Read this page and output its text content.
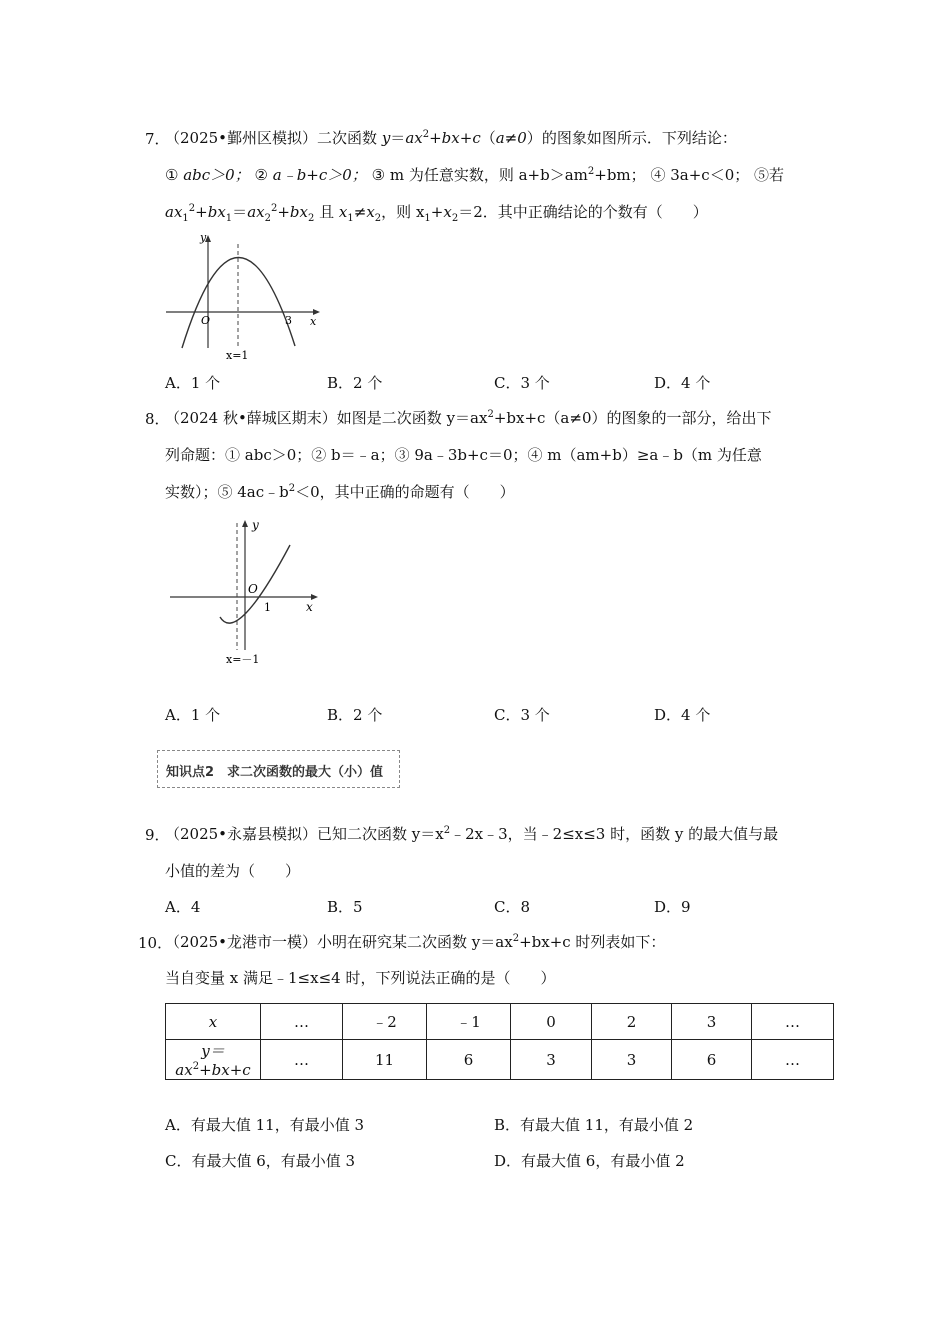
7．
（2025•鄞州区模拟）二次函数 $y=ax^2+bx+c(a\ne 0)$的图象如图所示．下列结论：
① abc＞0； ② a﹣b+c＞0； ③ m 为任意实数，则 $a+b>am^2+bm$； ④ 3a+c＜0； ⑤若
$ax_1^2+bx_1=ax_2^2+bx_2$ 且 $x_1\ne x_2$，则 $x_1+x_2=2$．其中正确结论的个数有（　　）
y
x
O	3
x=1
A．1 个	B．2 个	C．3 个	D．4 个
8．
（2024 秋•薛城区期末）如图是二次函数 $y=ax^2+bx+c(a\ne 0)$的图象的一部分，给出下
列命题：① abc＞0；② b＝﹣a；③ 9a﹣3b+c＝0；④ m（am+b）≥a﹣b（m 为任意
实数）；⑤ $4ac﹣b^2<0$，其中正确的命题有（　　）
y
x
O
1
x=－1
A．1 个	B．2 个	C．3 个	D．4 个
知识点2　求二次函数的最大（小）值
9．
（2025•永嘉县模拟）已知二次函数 $y=x^2﹣2x﹣3$，当﹣2≤x≤3 时，函数 y 的最大值与最
小值的差为（　　）
A．4	B．5	C．8	D．9
10．
（2025•龙港市一模）小明在研究某二次函数 $y=ax^2+bx+c$ 时列表如下：
当自变量 x 满足﹣1≤x≤4 时，下列说法正确的是（　　）
x	…	﹣2	﹣1	0	2	3	…
$y=ax^2+bx+c$	…	11	6	3	3	6	…
A．有最大值 11，有最小值 3	B．有最大值 11，有最小值 2
C．有最大值 6，有最小值 3	D．有最大值 6，有最小值 2
